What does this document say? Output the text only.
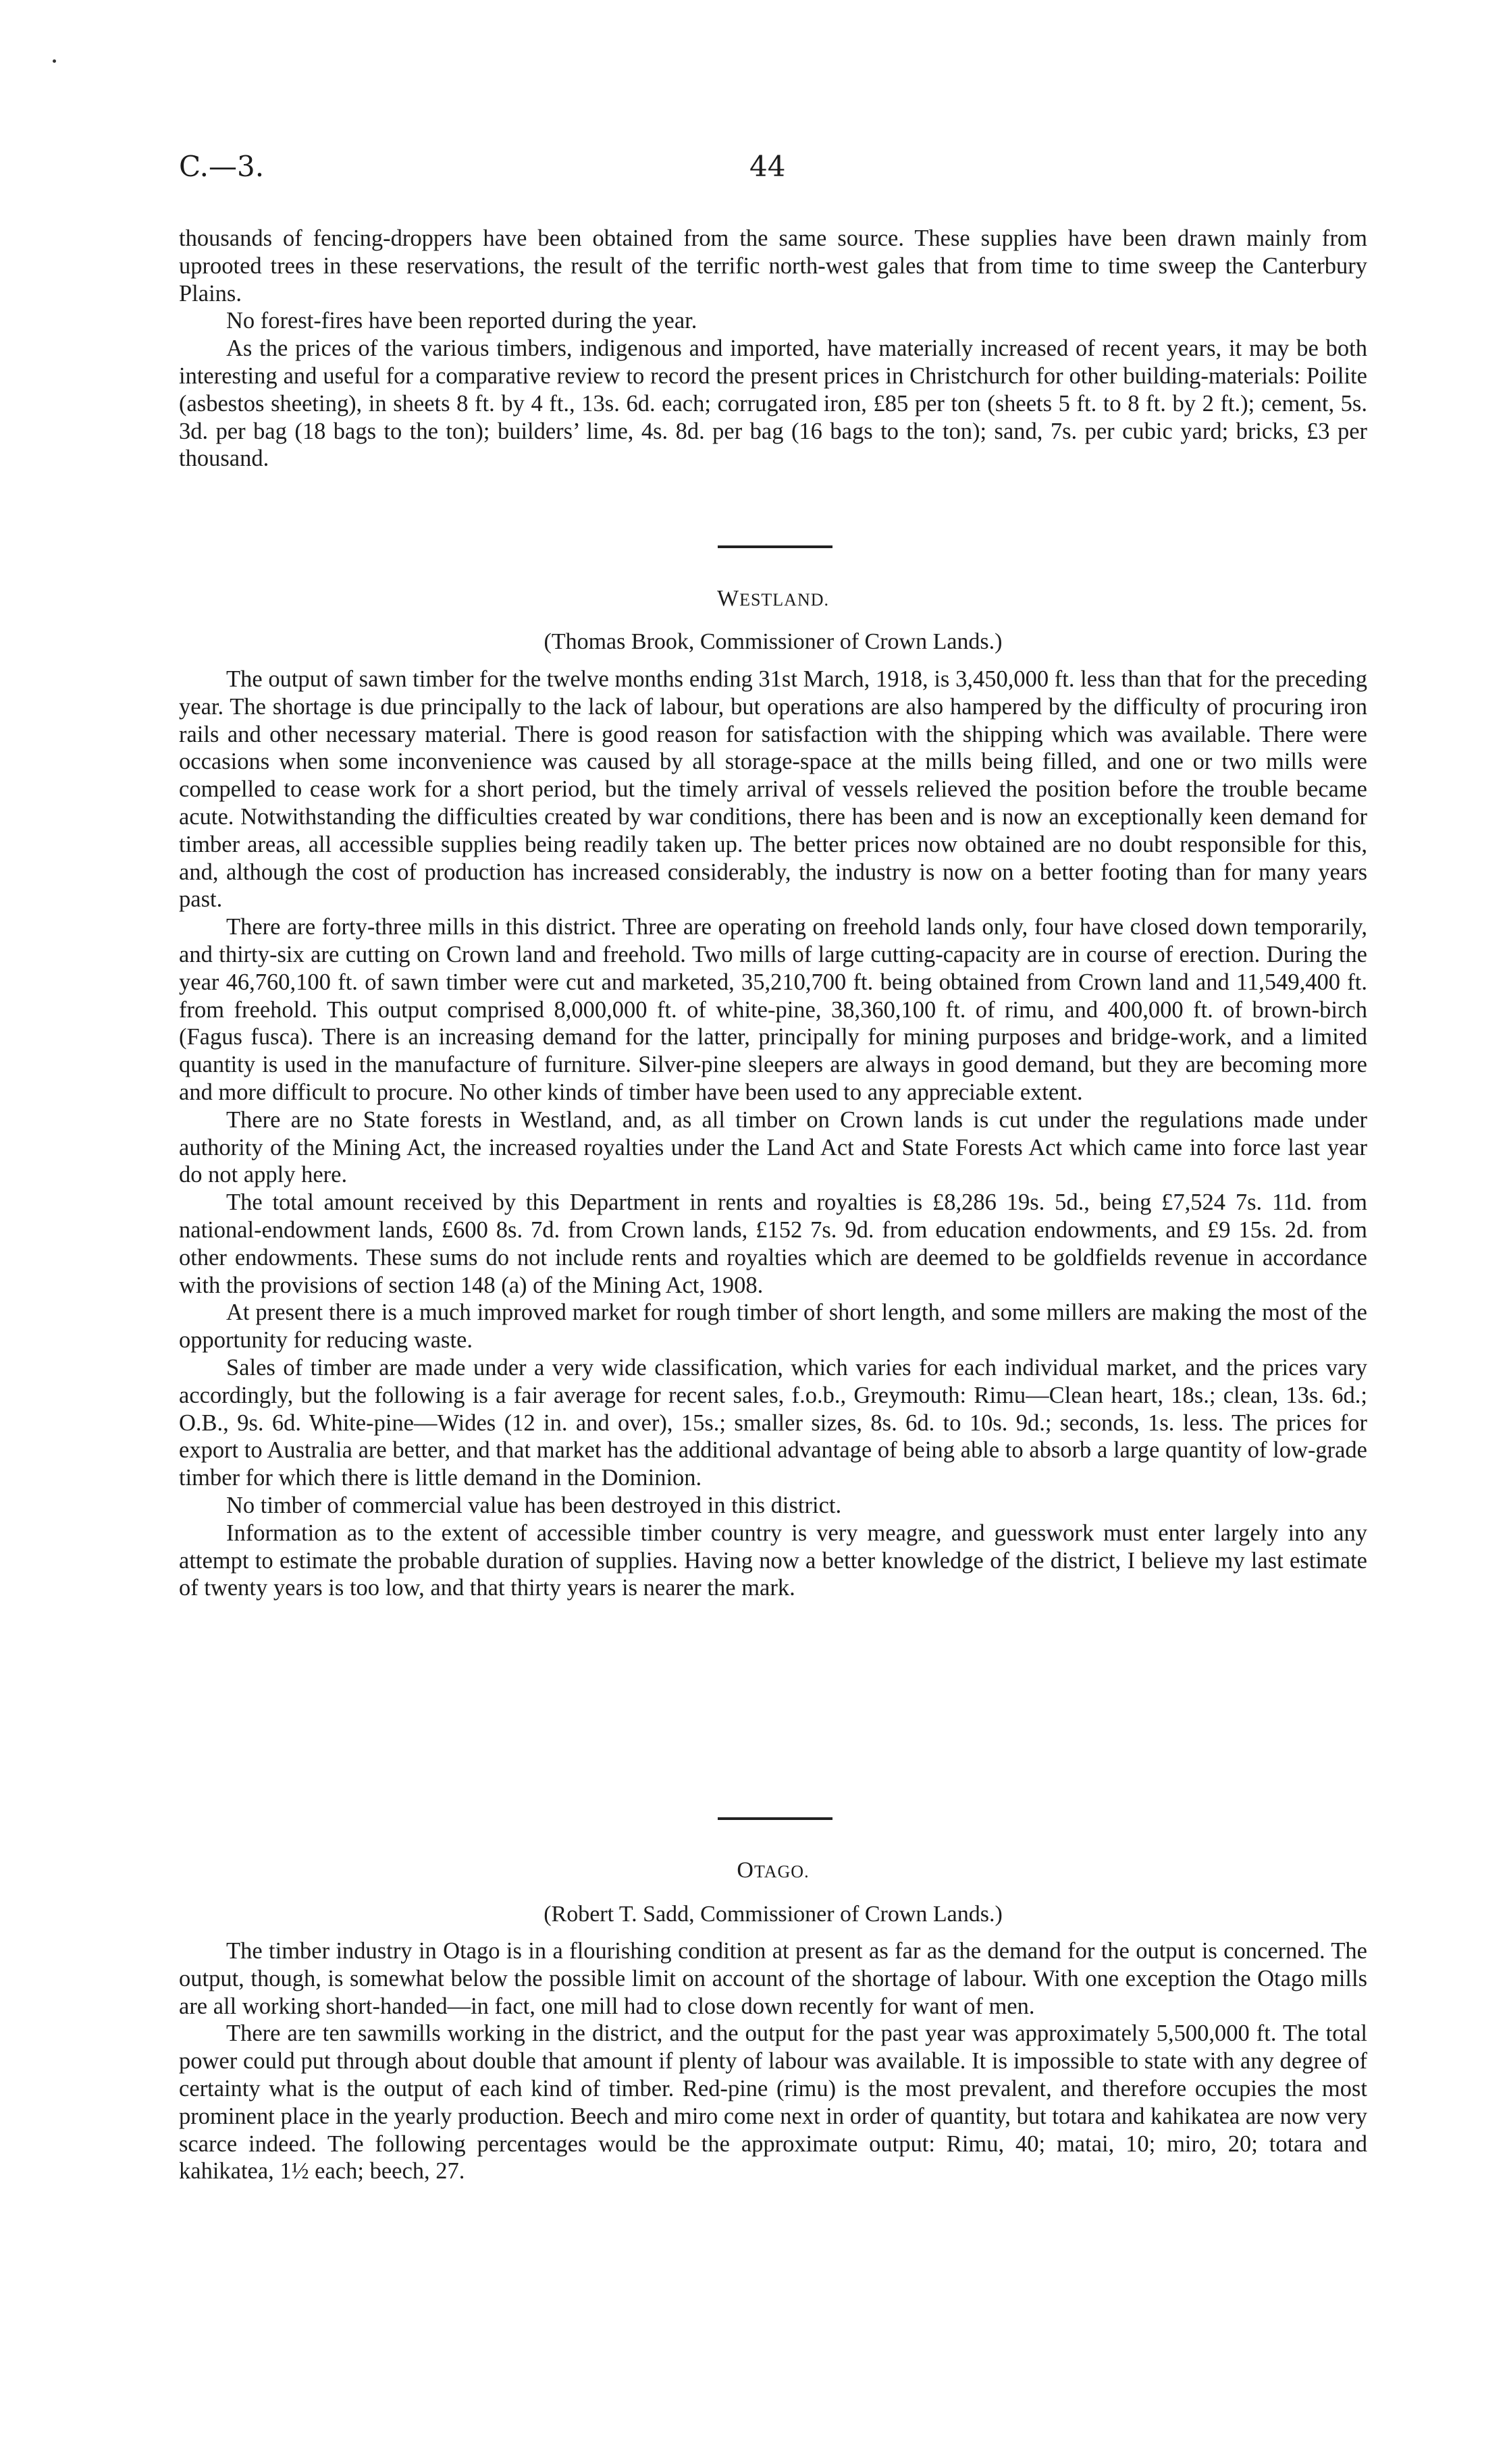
C.—3.	44

thousands of fencing-droppers have been obtained from the same source. These supplies have been drawn mainly from uprooted trees in these reservations, the result of the terrific north-west gales that from time to time sweep the Canterbury Plains.

No forest-fires have been reported during the year.

As the prices of the various timbers, indigenous and imported, have materially increased of recent years, it may be both interesting and useful for a comparative review to record the present prices in Christchurch for other building-materials: Poilite (asbestos sheeting), in sheets 8 ft. by 4 ft., 13s. 6d. each; corrugated iron, £85 per ton (sheets 5 ft. to 8 ft. by 2 ft.); cement, 5s. 3d. per bag (18 bags to the ton); builders’ lime, 4s. 8d. per bag (16 bags to the ton); sand, 7s. per cubic yard; bricks, £3 per thousand.

WESTLAND.
(Thomas Brook, Commissioner of Crown Lands.)

The output of sawn timber for the twelve months ending 31st March, 1918, is 3,450,000 ft. less than that for the preceding year. The shortage is due principally to the lack of labour, but operations are also hampered by the difficulty of procuring iron rails and other necessary material. There is good reason for satisfaction with the shipping which was available. There were occasions when some inconvenience was caused by all storage-space at the mills being filled, and one or two mills were compelled to cease work for a short period, but the timely arrival of vessels relieved the position before the trouble became acute. Notwithstanding the difficulties created by war conditions, there has been and is now an exceptionally keen demand for timber areas, all accessible supplies being readily taken up. The better prices now obtained are no doubt responsible for this, and, although the cost of production has increased considerably, the industry is now on a better footing than for many years past.

There are forty-three mills in this district. Three are operating on freehold lands only, four have closed down temporarily, and thirty-six are cutting on Crown land and freehold. Two mills of large cutting-capacity are in course of erection. During the year 46,760,100 ft. of sawn timber were cut and marketed, 35,210,700 ft. being obtained from Crown land and 11,549,400 ft. from freehold. This output comprised 8,000,000 ft. of white-pine, 38,360,100 ft. of rimu, and 400,000 ft. of brown-birch (Fagus fusca). There is an increasing demand for the latter, principally for mining purposes and bridge-work, and a limited quantity is used in the manufacture of furniture. Silver-pine sleepers are always in good demand, but they are becoming more and more difficult to procure. No other kinds of timber have been used to any appreciable extent.

There are no State forests in Westland, and, as all timber on Crown lands is cut under the regulations made under authority of the Mining Act, the increased royalties under the Land Act and State Forests Act which came into force last year do not apply here.

The total amount received by this Department in rents and royalties is £8,286 19s. 5d., being £7,524 7s. 11d. from national-endowment lands, £600 8s. 7d. from Crown lands, £152 7s. 9d. from education endowments, and £9 15s. 2d. from other endowments. These sums do not include rents and royalties which are deemed to be goldfields revenue in accordance with the provisions of section 148 (a) of the Mining Act, 1908.

At present there is a much improved market for rough timber of short length, and some millers are making the most of the opportunity for reducing waste.

Sales of timber are made under a very wide classification, which varies for each individual market, and the prices vary accordingly, but the following is a fair average for recent sales, f.o.b., Greymouth: Rimu—Clean heart, 18s.; clean, 13s. 6d.; O.B., 9s. 6d. White-pine—Wides (12 in. and over), 15s.; smaller sizes, 8s. 6d. to 10s. 9d.; seconds, 1s. less. The prices for export to Australia are better, and that market has the additional advantage of being able to absorb a large quantity of low-grade timber for which there is little demand in the Dominion.

No timber of commercial value has been destroyed in this district.

Information as to the extent of accessible timber country is very meagre, and guesswork must enter largely into any attempt to estimate the probable duration of supplies. Having now a better knowledge of the district, I believe my last estimate of twenty years is too low, and that thirty years is nearer the mark.

OTAGO.
(Robert T. Sadd, Commissioner of Crown Lands.)

The timber industry in Otago is in a flourishing condition at present as far as the demand for the output is concerned. The output, though, is somewhat below the possible limit on account of the shortage of labour. With one exception the Otago mills are all working short-handed—in fact, one mill had to close down recently for want of men.

There are ten sawmills working in the district, and the output for the past year was approximately 5,500,000 ft. The total power could put through about double that amount if plenty of labour was available. It is impossible to state with any degree of certainty what is the output of each kind of timber. Red-pine (rimu) is the most prevalent, and therefore occupies the most prominent place in the yearly production. Beech and miro come next in order of quantity, but totara and kahikatea are now very scarce indeed. The following percentages would be the approximate output: Rimu, 40; matai, 10; miro, 20; totara and kahikatea, 1½ each; beech, 27.
